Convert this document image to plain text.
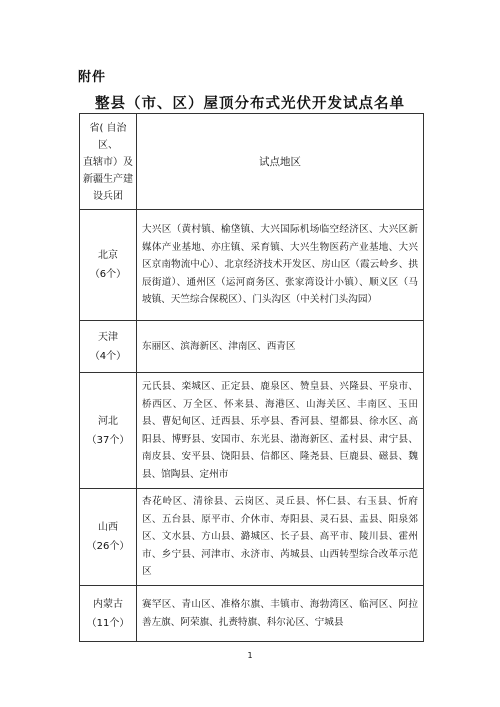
附件
整县（市、区）屋顶分布式光伏开发试点名单
省( 自治区、
直辖市）及
新疆生产建
设兵团	试点地区

北京
（6个）	大兴区（黄村镇、榆垡镇、大兴国际机场临空经济区、大兴区新媒体产业基地、亦庄镇、采育镇、大兴生物医药产业基地、大兴区京南物流中心）、北京经济技术开发区、房山区（霞云岭乡、拱辰街道）、通州区（运河商务区、张家湾设计小镇）、顺义区（马坡镇、天竺综合保税区）、门头沟区（中关村门头沟园）

天津
（4个）	东丽区、滨海新区、津南区、西青区

河北
（37个）	元氏县、栾城区、正定县、鹿泉区、赞皇县、兴隆县、平泉市、桥西区、万全区、怀来县、海港区、山海关区、丰南区、玉田县、曹妃甸区、迁西县、乐亭县、香河县、望都县、徐水区、高阳县、博野县、安国市、东光县、渤海新区、孟村县、肃宁县、南皮县、安平县、饶阳县、信都区、隆尧县、巨鹿县、磁县、魏县、馆陶县、定州市

山西
（26个）	杏花岭区、清徐县、云岗区、灵丘县、怀仁县、右玉县、忻府区、五台县、原平市、介休市、寿阳县、灵石县、盂县、阳泉郊区、文水县、方山县、潞城区、长子县、高平市、陵川县、霍州市、乡宁县、河津市、永济市、芮城县、山西转型综合改革示范区

内蒙古
（11个）	赛罕区、青山区、准格尔旗、丰镇市、海勃湾区、临河区、阿拉善左旗、阿荣旗、扎赉特旗、科尔沁区、宁城县
1
